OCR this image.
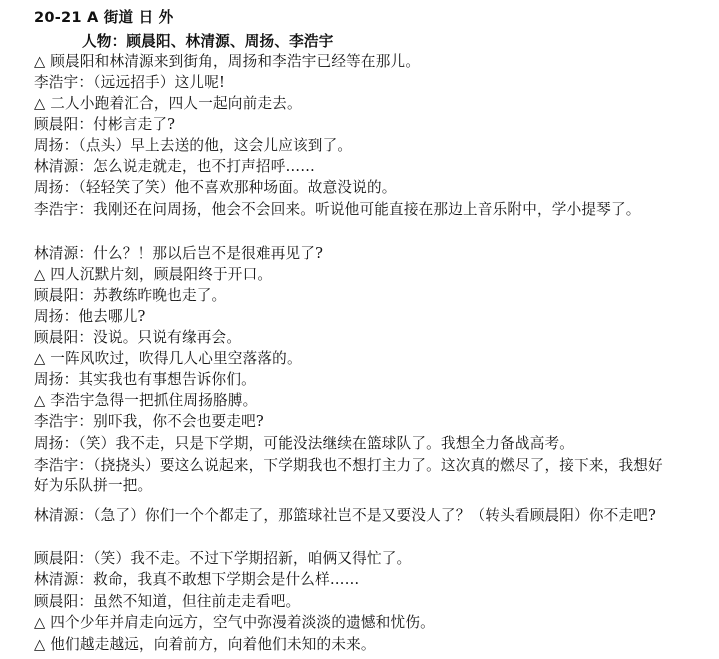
20-21 A 街道 日 外
人物：顾晨阳、林清源、周扬、李浩宇
△ 顾晨阳和林清源来到街角，周扬和李浩宇已经等在那儿。
李浩宇：（远远招手）这儿呢!
△ 二人小跑着汇合，四人一起向前走去。
顾晨阳：付彬言走了?
周扬：（点头）早上去送的他，这会儿应该到了。
林清源：怎么说走就走，也不打声招呼……
周扬：（轻轻笑了笑）他不喜欢那种场面。故意没说的。
李浩宇：我刚还在问周扬，他会不会回来。听说他可能直接在那边上音乐附中，学小提琴了。
林清源：什么？！那以后岂不是很难再见了?
△ 四人沉默片刻，顾晨阳终于开口。
顾晨阳：苏教练昨晚也走了。
周扬：他去哪儿?
顾晨阳：没说。只说有缘再会。
△ 一阵风吹过，吹得几人心里空落落的。
周扬：其实我也有事想告诉你们。
△ 李浩宇急得一把抓住周扬胳膊。
李浩宇：别吓我，你不会也要走吧?
周扬：（笑）我不走，只是下学期，可能没法继续在篮球队了。我想全力备战高考。
李浩宇：（挠挠头）要这么说起来，下学期我也不想打主力了。这次真的燃尽了，接下来，我想好好为乐队拼一把。
林清源：（急了）你们一个个都走了，那篮球社岂不是又要没人了？（转头看顾晨阳）你不走吧?
顾晨阳：（笑）我不走。不过下学期招新，咱俩又得忙了。
林清源：救命，我真不敢想下学期会是什么样……
顾晨阳：虽然不知道，但往前走走看吧。
△ 四个少年并肩走向远方，空气中弥漫着淡淡的遗憾和忧伤。
△ 他们越走越远，向着前方，向着他们未知的未来。
